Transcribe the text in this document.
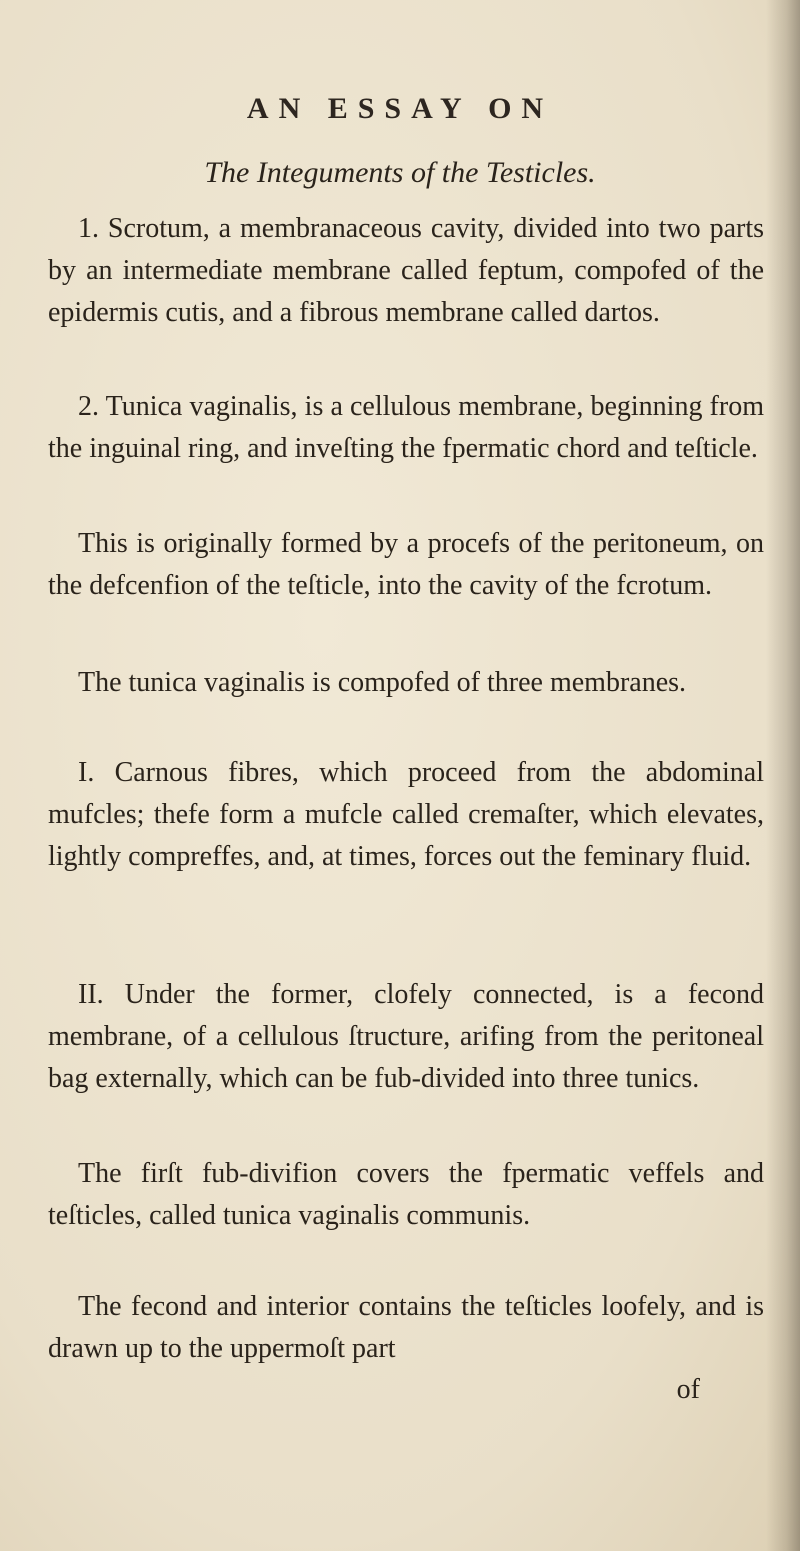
AN ESSAY ON
The Integuments of the Testicles.

1. Scrotum, a membranaceous cavity, divided into two parts by an intermediate membrane called feptum, compofed of the epidermis cutis, and a fibrous membrane called dartos.

2. Tunica vaginalis, is a cellulous membrane, beginning from the inguinal ring, and inveſting the fpermatic chord and teſticle.

This is originally formed by a procefs of the peritoneum, on the defcenfion of the teſticle, into the cavity of the fcrotum.

The tunica vaginalis is compofed of three membranes.

I. Carnous fibres, which proceed from the abdominal mufcles; thefe form a mufcle called cremaſter, which elevates, lightly compreffes, and, at times, forces out the feminary fluid.

II. Under the former, clofely connected, is a fecond membrane, of a cellulous ſtructure, arifing from the peritoneal bag externally, which can be fub-divided into three tunics.

The firſt fub-divifion covers the fpermatic veffels and teſticles, called tunica vaginalis communis.

The fecond and interior contains the teſticles loofely, and is drawn up to the uppermoſt part

of
